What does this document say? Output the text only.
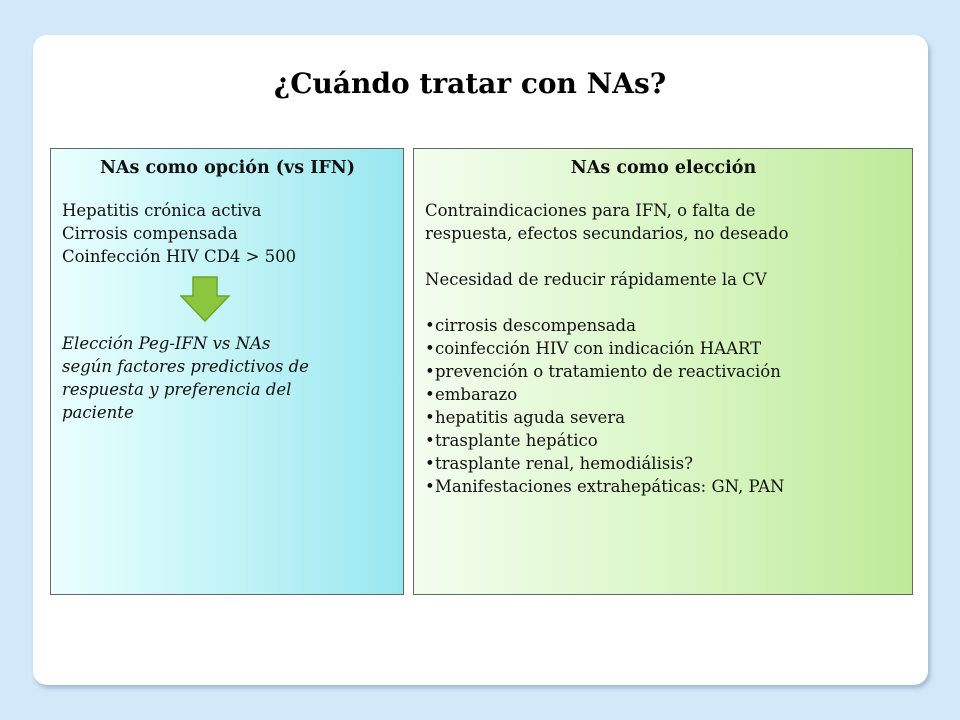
¿Cuándo tratar con NAs?
NAs como opción (vs IFN)
Hepatitis crónica activa
Cirrosis compensada
Coinfección HIV CD4 > 500
Elección Peg-IFN vs NAs
según factores predictivos de
respuesta y preferencia del
paciente
NAs como elección
Contraindicaciones para IFN, o falta de
respuesta, efectos secundarios, no deseado
Necesidad de reducir rápidamente la CV
•cirrosis descompensada
•coinfección HIV con indicación HAART
•prevención o tratamiento de reactivación
•embarazo
•hepatitis aguda severa
•trasplante hepático
•trasplante renal, hemodiálisis?
•Manifestaciones extrahepáticas: GN, PAN
